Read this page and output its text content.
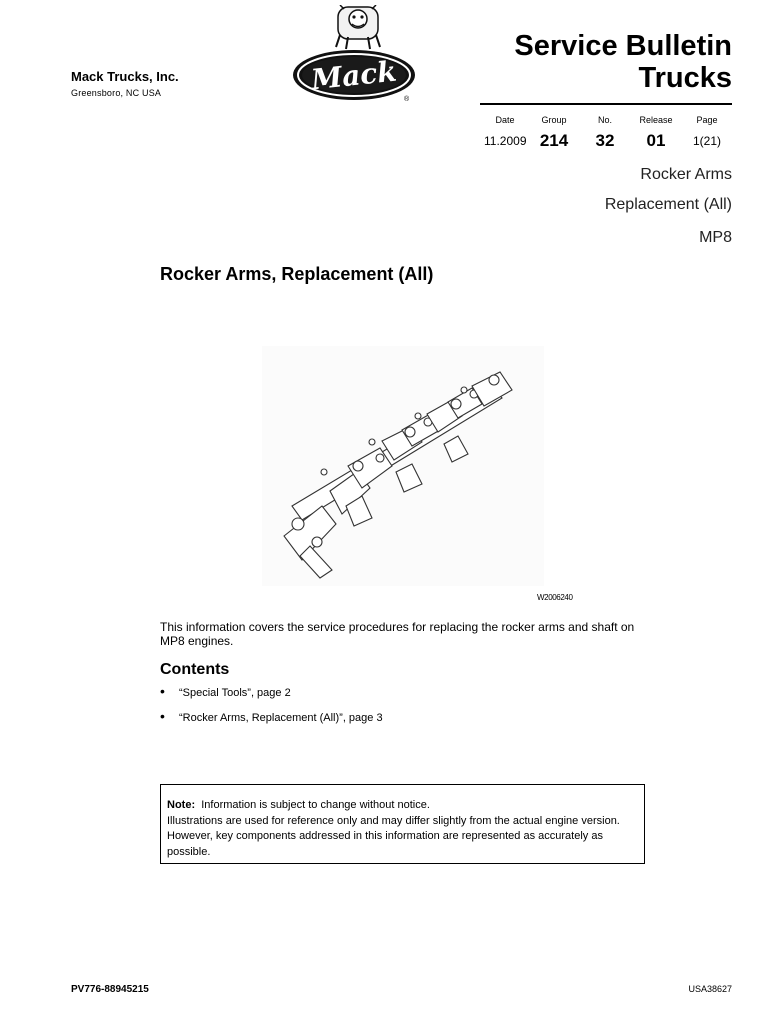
Mack Trucks, Inc.
Greensboro, NC USA	Mack
®
Service Bulletin
Trucks
Date
11.2009
Group
214
No.
32
Release
01
Page
1(21)
Rocker Arms
Replacement (All)
MP8
Rocker Arms, Replacement (All)
W2006240
This information covers the service procedures for replacing the rocker arms and shaft on MP8 engines.
Contents
• “Special Tools”, page 2
• “Rocker Arms, Replacement (All)”, page 3
Note: Information is subject to change without notice.
Illustrations are used for reference only and may differ slightly from the actual engine version. However, key components addressed in this information are represented as accurately as possible.
PV776-88945215	USA38627
